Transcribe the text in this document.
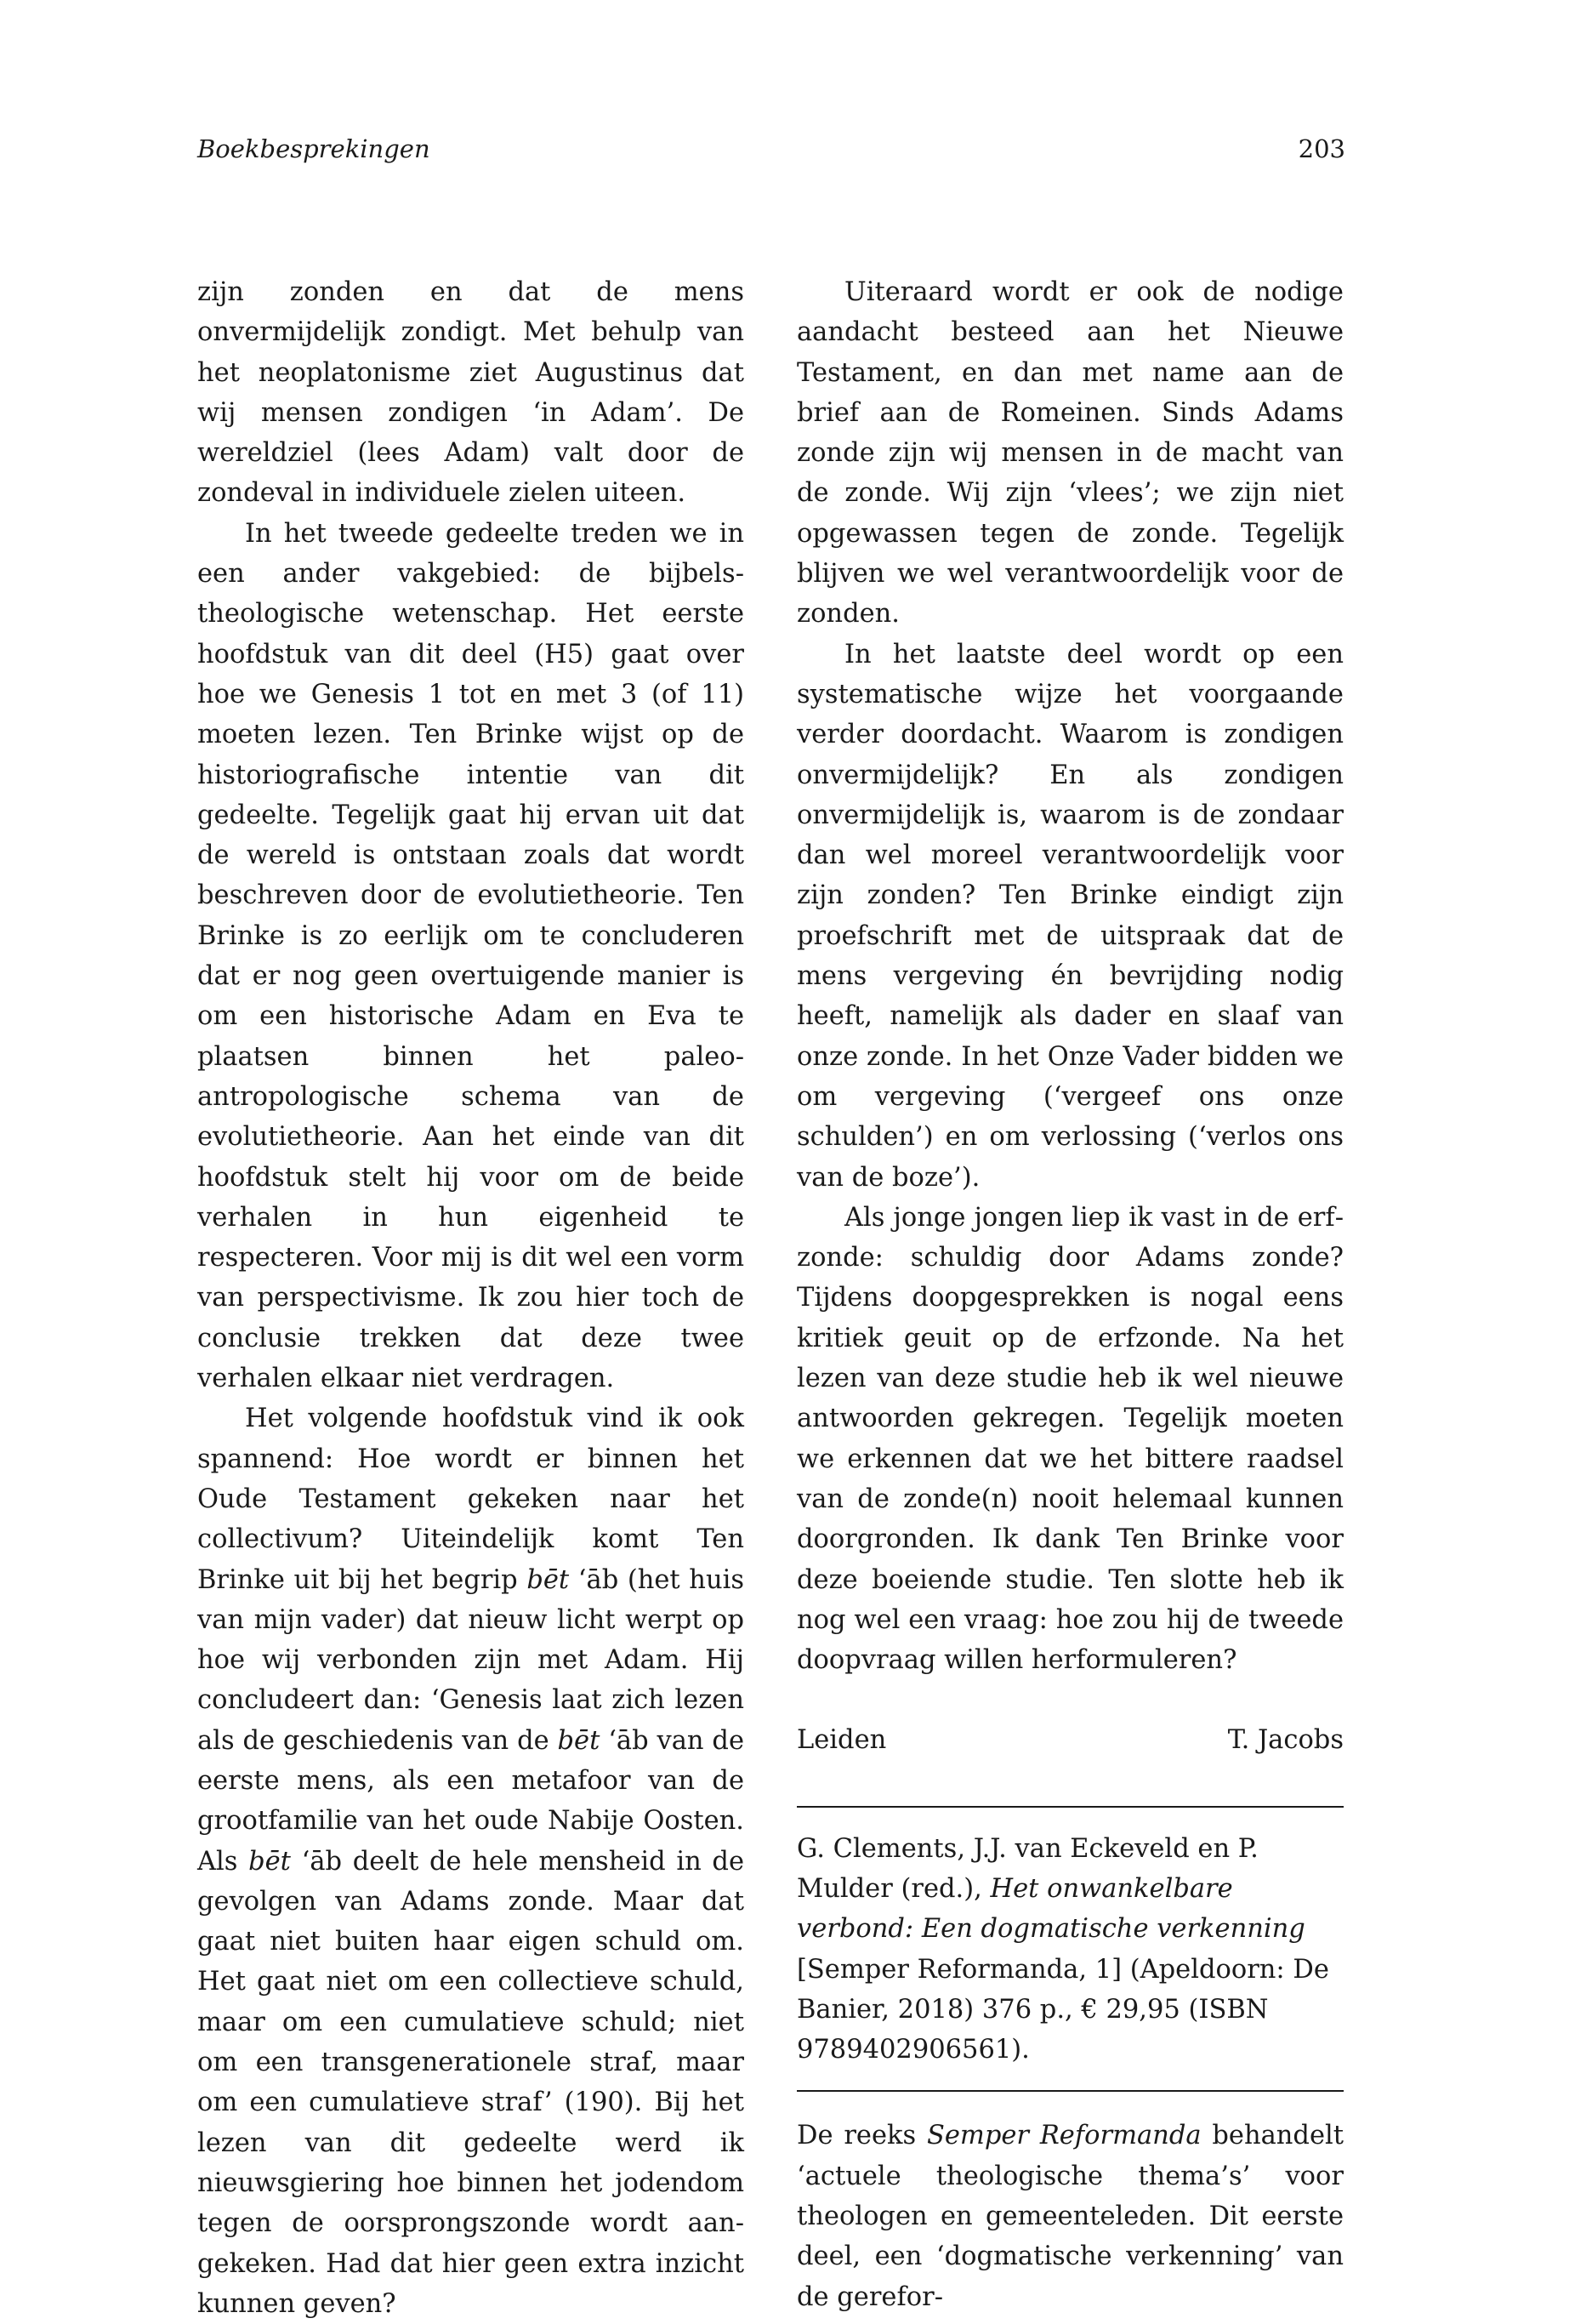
Boekbesprekingen	203

zijn zonden en dat de mens onvermijdelijk zondigt. Met behulp van het neoplatonisme ziet Augustinus dat wij mensen zondigen ‘in Adam’. De wereldziel (lees Adam) valt door de zondeval in individuele zielen uiteen.

In het tweede gedeelte treden we in een ander vakgebied: de bijbels-theologische wetenschap. Het eerste hoofdstuk van dit deel (H5) gaat over hoe we Genesis 1 tot en met 3 (of 11) moeten lezen. Ten Brinke wijst op de historiografische intentie van dit gedeelte. Tegelijk gaat hij ervan uit dat de wereld is ontstaan zoals dat wordt beschreven door de evolutietheorie. Ten Brinke is zo eerlijk om te concluderen dat er nog geen overtuigende manier is om een historische Adam en Eva te plaatsen binnen het paleoantropologische schema van de evolutietheorie. Aan het einde van dit hoofdstuk stelt hij voor om de beide verhalen in hun eigenheid te respecteren. Voor mij is dit wel een vorm van perspectivisme. Ik zou hier toch de conclusie trekken dat deze twee verhalen elkaar niet verdragen.

Het volgende hoofdstuk vind ik ook spannend: Hoe wordt er binnen het Oude Testament gekeken naar het collectivum? Uiteindelijk komt Ten Brinke uit bij het begrip bēt ‘āb (het huis van mijn vader) dat nieuw licht werpt op hoe wij verbonden zijn met Adam. Hij concludeert dan: ‘Genesis laat zich lezen als de geschiedenis van de bēt ‘āb van de eerste mens, als een metafoor van de grootfamilie van het oude Nabije Oosten. Als bēt ‘āb deelt de hele mensheid in de gevolgen van Adams zonde. Maar dat gaat niet buiten haar eigen schuld om. Het gaat niet om een collectieve schuld, maar om een cumulatieve schuld; niet om een transgenerationele straf, maar om een cumulatieve straf’ (190). Bij het lezen van dit gedeelte werd ik nieuwsgiering hoe binnen het jodendom tegen de oorsprongszonde wordt aangekeken. Had dat hier geen extra inzicht kunnen geven?

Uiteraard wordt er ook de nodige aandacht besteed aan het Nieuwe Testament, en dan met name aan de brief aan de Romeinen. Sinds Adams zonde zijn wij mensen in de macht van de zonde. Wij zijn ‘vlees’; we zijn niet opgewassen tegen de zonde. Tegelijk blijven we wel verantwoordelijk voor de zonden.

In het laatste deel wordt op een systematische wijze het voorgaande verder doordacht. Waarom is zondigen onvermijdelijk? En als zondigen onvermijdelijk is, waarom is de zondaar dan wel moreel verantwoordelijk voor zijn zonden? Ten Brinke eindigt zijn proefschrift met de uitspraak dat de mens vergeving én bevrijding nodig heeft, namelijk als dader en slaaf van onze zonde. In het Onze Vader bidden we om vergeving (‘vergeef ons onze schulden’) en om verlossing (‘verlos ons van de boze’).

Als jonge jongen liep ik vast in de erfzonde: schuldig door Adams zonde? Tijdens doopgesprekken is nogal eens kritiek geuit op de erfzonde. Na het lezen van deze studie heb ik wel nieuwe antwoorden gekregen. Tegelijk moeten we erkennen dat we het bittere raadsel van de zonde(n) nooit helemaal kunnen doorgronden. Ik dank Ten Brinke voor deze boeiende studie. Ten slotte heb ik nog wel een vraag: hoe zou hij de tweede doopvraag willen herformuleren?

Leiden	T. Jacobs

G. Clements, J.J. van Eckeveld en P. Mulder (red.), Het onwankelbare verbond: Een dogmatische verkenning [Semper Reformanda, 1] (Apeldoorn: De Banier, 2018) 376 p., € 29,95 (ISBN 9789402906561).

De reeks Semper Reformanda behandelt ‘actuele theologische thema’s’ voor theologen en gemeenteleden. Dit eerste deel, een ‘dogmatische verkenning’ van de gerefor-
